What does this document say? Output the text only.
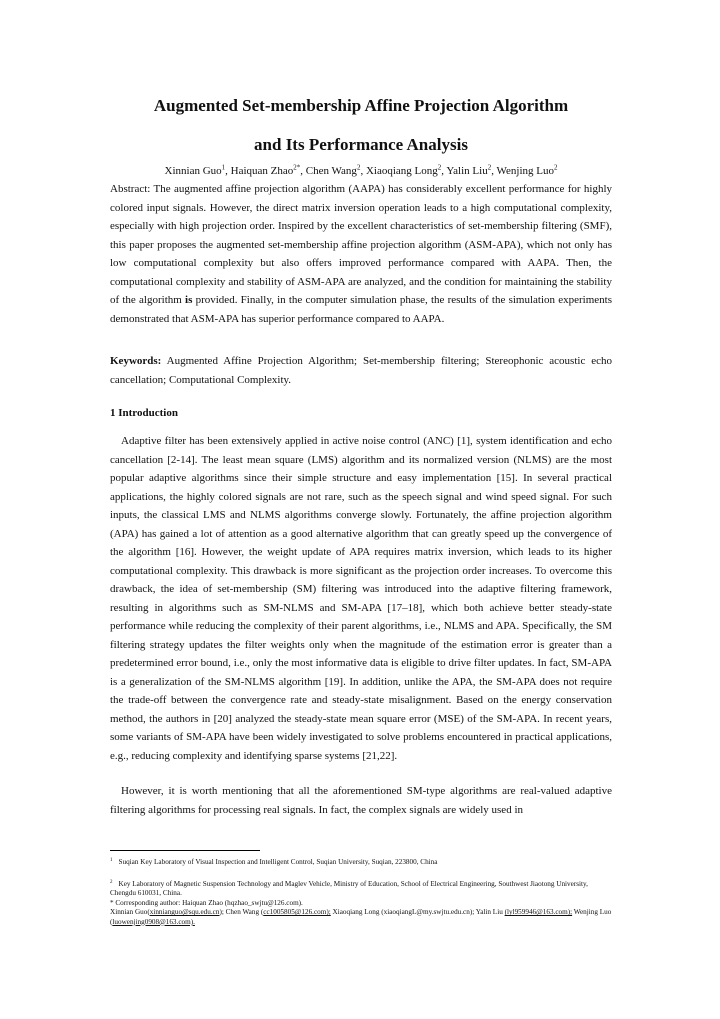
Augmented Set-membership Affine Projection Algorithm
and Its Performance Analysis
Xinnian Guo$^1$, Haiquan Zhao$^{2*}$, Chen Wang$^2$, Xiaoqiang Long$^2$, Yalin Liu$^2$, Wenjing Luo$^2$
Abstract: The augmented affine projection algorithm (AAPA) has considerably excellent performance for highly colored input signals. However, the direct matrix inversion operation leads to a high computational complexity, especially with high projection order. Inspired by the excellent characteristics of set-membership filtering (SMF), this paper proposes the augmented set-membership affine projection algorithm (ASM-APA), which not only has low computational complexity but also offers improved performance compared with AAPA. Then, the computational complexity and stability of ASM-APA are analyzed, and the condition for maintaining the stability of the algorithm is provided. Finally, in the computer simulation phase, the results of the simulation experiments demonstrated that ASM-APA has superior performance compared to AAPA.
Keywords: Augmented Affine Projection Algorithm; Set-membership filtering; Stereophonic acoustic echo cancellation; Computational Complexity.
1 Introduction
Adaptive filter has been extensively applied in active noise control (ANC) [1], system identification and echo cancellation [2-14]. The least mean square (LMS) algorithm and its normalized version (NLMS) are the most popular adaptive algorithms since their simple structure and easy implementation [15]. In several practical applications, the highly colored signals are not rare, such as the speech signal and wind speed signal. For such inputs, the classical LMS and NLMS algorithms converge slowly. Fortunately, the affine projection algorithm (APA) has gained a lot of attention as a good alternative algorithm that can greatly speed up the convergence of the algorithm [16]. However, the weight update of APA requires matrix inversion, which leads to its higher computational complexity. This drawback is more significant as the projection order increases. To overcome this drawback, the idea of set-membership (SM) filtering was introduced into the adaptive filtering framework, resulting in algorithms such as SM-NLMS and SM-APA [17–18], which both achieve better steady-state performance while reducing the complexity of their parent algorithms, i.e., NLMS and APA. Specifically, the SM filtering strategy updates the filter weights only when the magnitude of the estimation error is greater than a predetermined error bound, i.e., only the most informative data is eligible to drive filter updates. In fact, SM-APA is a generalization of the SM-NLMS algorithm [19]. In addition, unlike the APA, the SM-APA does not require the trade-off between the convergence rate and steady-state misalignment. Based on the energy conservation method, the authors in [20] analyzed the steady-state mean square error (MSE) of the SM-APA. In recent years, some variants of SM-APA have been widely investigated to solve problems encountered in practical applications, e.g., reducing complexity and identifying sparse systems [21,22].
However, it is worth mentioning that all the aforementioned SM-type algorithms are real-valued adaptive filtering algorithms for processing real signals. In fact, the complex signals are widely used in
$^1$ Suqian Key Laboratory of Visual Inspection and Intelligent Control, Suqian University, Suqian, 223800, China
$^2$ Key Laboratory of Magnetic Suspension Technology and Maglev Vehicle, Ministry of Education, School of Electrical Engineering, Southwest Jiaotong University, Chengdu 610031, China.
* Corresponding author: Haiquan Zhao (hqzhao_swjtu@126.com).
Xinnian Guo(xinnianguo@squ.edu.cn); Chen Wang (cc1005805@126.com); Xiaoqiang Long (xiaoqiangL@my.swjtu.edu.cn); Yalin Liu (lyl959946@163.com); Wenjing Luo (luowenjing0908@163.com).
